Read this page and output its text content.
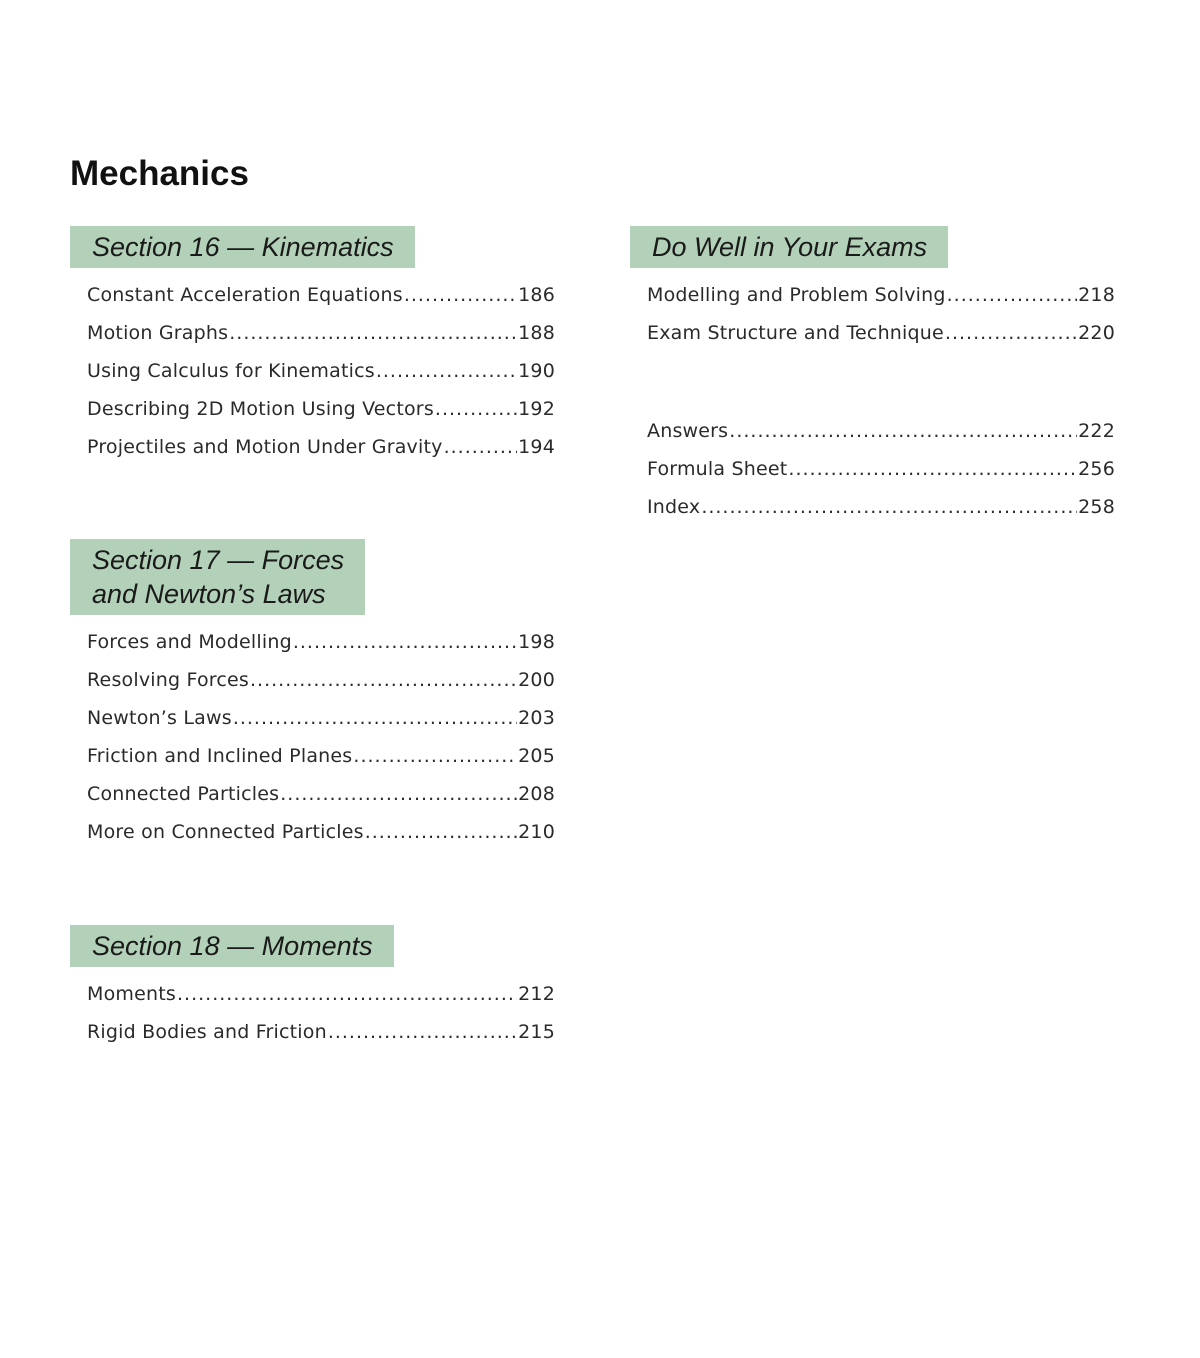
Mechanics
Section 16 — Kinematics
Constant Acceleration Equations .....	186
Motion Graphs .....	188
Using Calculus for Kinematics .....	190
Describing 2D Motion Using Vectors .....	192
Projectiles and Motion Under Gravity .....	194
Section 17 — Forces
and Newton’s Laws
Forces and Modelling .....	198
Resolving Forces .....	200
Newton’s Laws .....	203
Friction and Inclined Planes .....	205
Connected Particles .....	208
More on Connected Particles .....	210
Section 18 — Moments
Moments .....	212
Rigid Bodies and Friction .....	215
Do Well in Your Exams
Modelling and Problem Solving .....	218
Exam Structure and Technique .....	220
Answers .....	222
Formula Sheet .....	256
Index .....	258
